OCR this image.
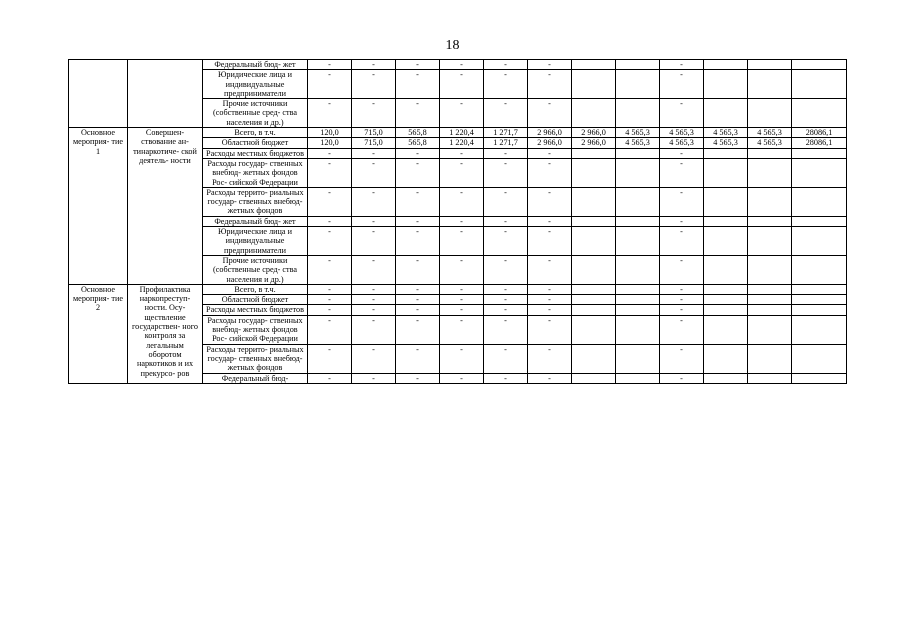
18
		Федеральный бюд- жет	-	-	-	-	-	-			-			
		Юридические лица и индивидуальные предприниматели	-	-	-	-	-	-			-			
		Прочие источники (собственные сред- ства населения и др.)	-	-	-	-	-	-			-			
Основное мероприя- тие 1	Совершен- ствование ан- тинаркотиче- ской деятель- ности	Всего, в т.ч.	120,0	715,0	565,8	1 220,4	1 271,7	2 966,0	2 966,0	4 565,3	4 565,3	4 565,3	4 565,3	28086,1
		Областной бюджет	120,0	715,0	565,8	1 220,4	1 271,7	2 966,0	2 966,0	4 565,3	4 565,3	4 565,3	4 565,3	28086,1
		Расходы местных бюджетов	-	-	-	-	-	-			-			
		Расходы государ- ственных внебюд- жетных фондов Рос- сийской Федерации	-	-	-	-	-	-			-			
		Расходы террито- риальных государ- ственных внебюд- жетных фондов	-	-	-	-	-	-			-			
		Федеральный бюд- жет	-	-	-	-	-	-			-			
		Юридические лица и индивидуальные предприниматели	-	-	-	-	-	-			-			
		Прочие источники (собственные сред- ства населения и др.)	-	-	-	-	-	-			-			
Основное мероприя- тие 2	Профилактика наркопреступ- ности. Осу- ществление государствен- ного контроля за легальным оборотом наркотиков и их прекурсо- ров	Всего, в т.ч.	-	-	-	-	-	-			-			
		Областной бюджет	-	-	-	-	-	-			-			
		Расходы местных бюджетов	-	-	-	-	-	-			-			
		Расходы государ- ственных внебюд- жетных фондов Рос- сийской Федерации	-	-	-	-	-	-			-			
		Расходы террито- риальных государ- ственных внебюд- жетных фондов	-	-	-	-	-	-			-			
		Федеральный бюд-	-	-	-	-	-	-			-			
